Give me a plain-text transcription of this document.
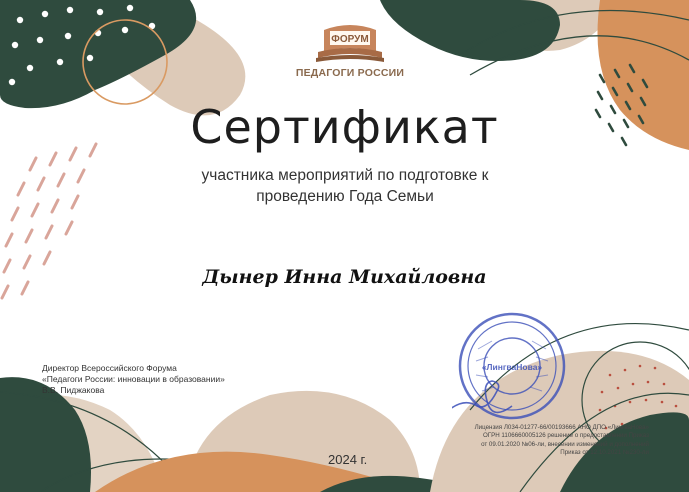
ФОРУМ
ПЕДАГОГИ РОССИИ
Сертификат
участника мероприятий по подготовке к
проведению Года Семьи
Дынер Инна Михайловна
Директор Всероссийского Форума
«Педагоги России: инновации в образовании»
В.В. Пиджакова
«ЛингваНова»
Лицензия Л034-01277-66/00193666 АНО ДПО «ЛингваНова»
ОГРН 1106660005126 решение о предоставлении Приказ
от 09.01.2020 №06-ли, внесении изменений и дополнений
Приказ от 12.10.2021 №230-ли
2024 г.
